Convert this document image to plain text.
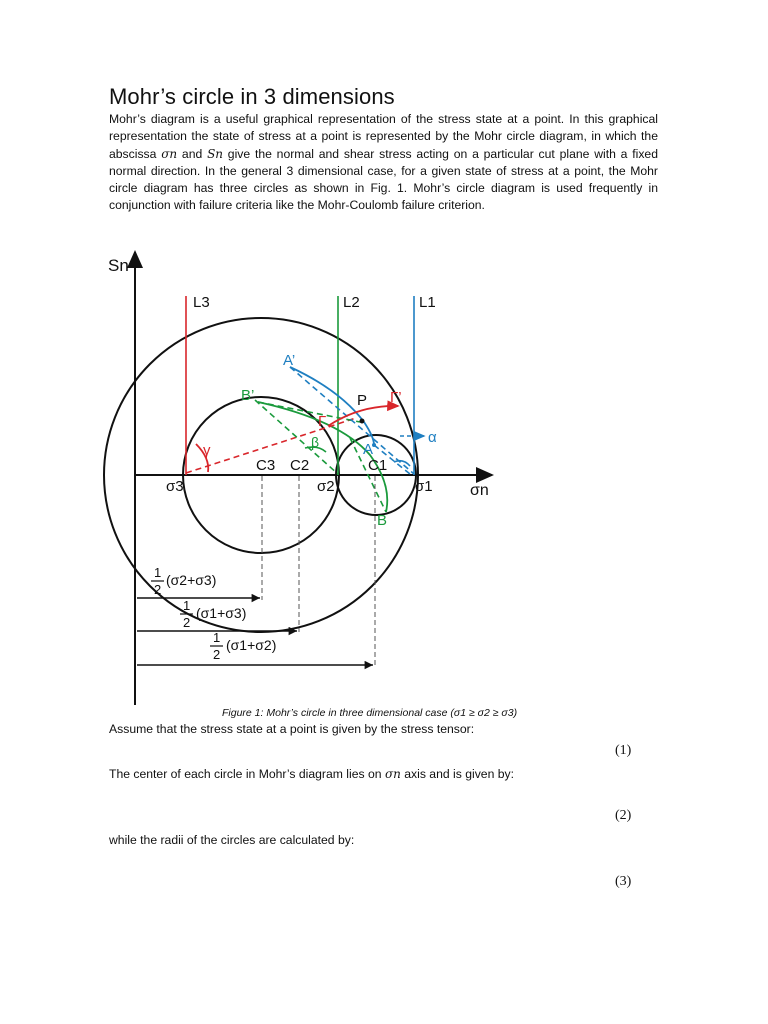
Mohr’s circle in 3 dimensions

Mohr’s diagram is a useful graphical representation of the stress state at a point. In this graphical representation the state of stress at a point is represented by the Mohr circle diagram, in which the abscissa σn and Sn give the normal and shear stress acting on a particular cut plane with a fixed normal direction. In the general 3 dimensional case, for a given state of stress at a point, the Mohr circle diagram has three circles as shown in Fig. 1. Mohr’s circle diagram is used frequently in conjunction with failure criteria like the Mohr-Coulomb failure criterion.

Sn
σn
L3	L2	L1
A’
B’	P Γ’
Γ
β	A
α
γ
C3 C2	C1
B
σ3	σ2	σ1
1
2
(σ2+σ3)
1
2
(σ1+σ3)
1
2
(σ1+σ2)

Figure 1: Mohr’s circle in three dimensional case (σ1 ≥ σ2 ≥ σ3)

Assume that the stress state at a point is given by the stress tensor:

(1)

The center of each circle in Mohr’s diagram lies on σn axis and is given by:

(2)

while the radii of the circles are calculated by:

(3)
